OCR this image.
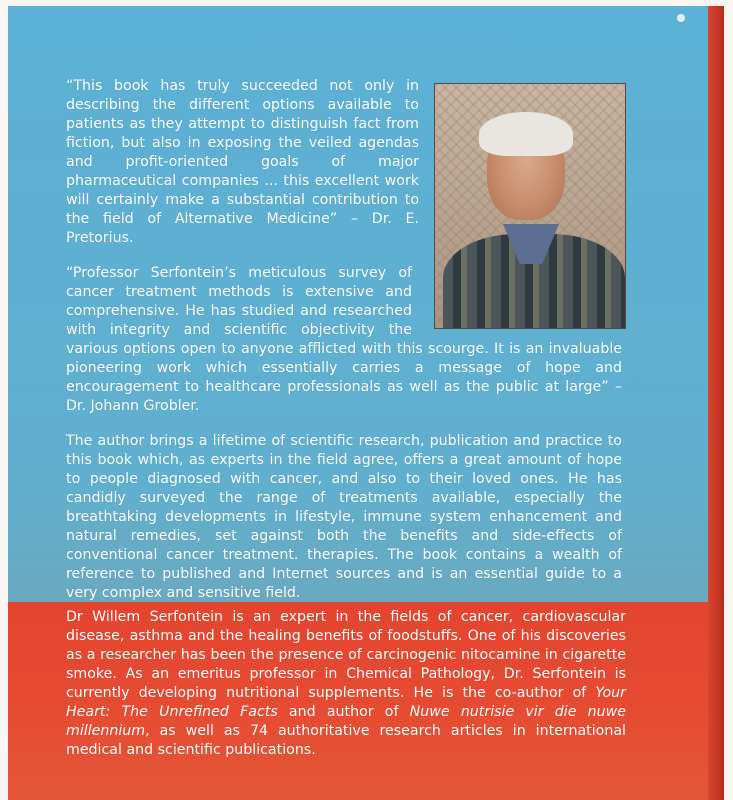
“This book has truly succeeded not only in describing the different options available to patients as they attempt to distinguish fact from fiction, but also in exposing the veiled agendas and profit-oriented goals of major pharmaceutical companies ... this excellent work will certainly make a substantial contribution to the field of Alternative Medicine” – Dr. E. Pretorius.

“Professor Serfontein’s meticulous survey of cancer treatment methods is extensive and comprehensive. He has studied and researched with integrity and scientific objectivity the various options open to anyone afflicted with this scourge. It is an invaluable pioneering work which essentially carries a message of hope and encouragement to healthcare professionals as well as the public at large” – Dr. Johann Grobler.

The author brings a lifetime of scientific research, publication and practice to this book which, as experts in the field agree, offers a great amount of hope to people diagnosed with cancer, and also to their loved ones. He has candidly surveyed the range of treatments available, especially the breathtaking developments in lifestyle, immune system enhancement and natural remedies, set against both the benefits and side-effects of conventional cancer treatment. therapies. The book contains a wealth of reference to published and Internet sources and is an essential guide to a very complex and sensitive field.

Dr Willem Serfontein is an expert in the fields of cancer, cardiovascular disease, asthma and the healing benefits of foodstuffs. One of his discoveries as a researcher has been the presence of carcinogenic nitocamine in cigarette smoke. As an emeritus professor in Chemical Pathology, Dr. Serfontein is currently developing nutritional supplements. He is the co-author of Your Heart: The Unrefined Facts and author of Nuwe nutrisie vir die nuwe millennium, as well as 74 authoritative research articles in international medical and scientific publications.
